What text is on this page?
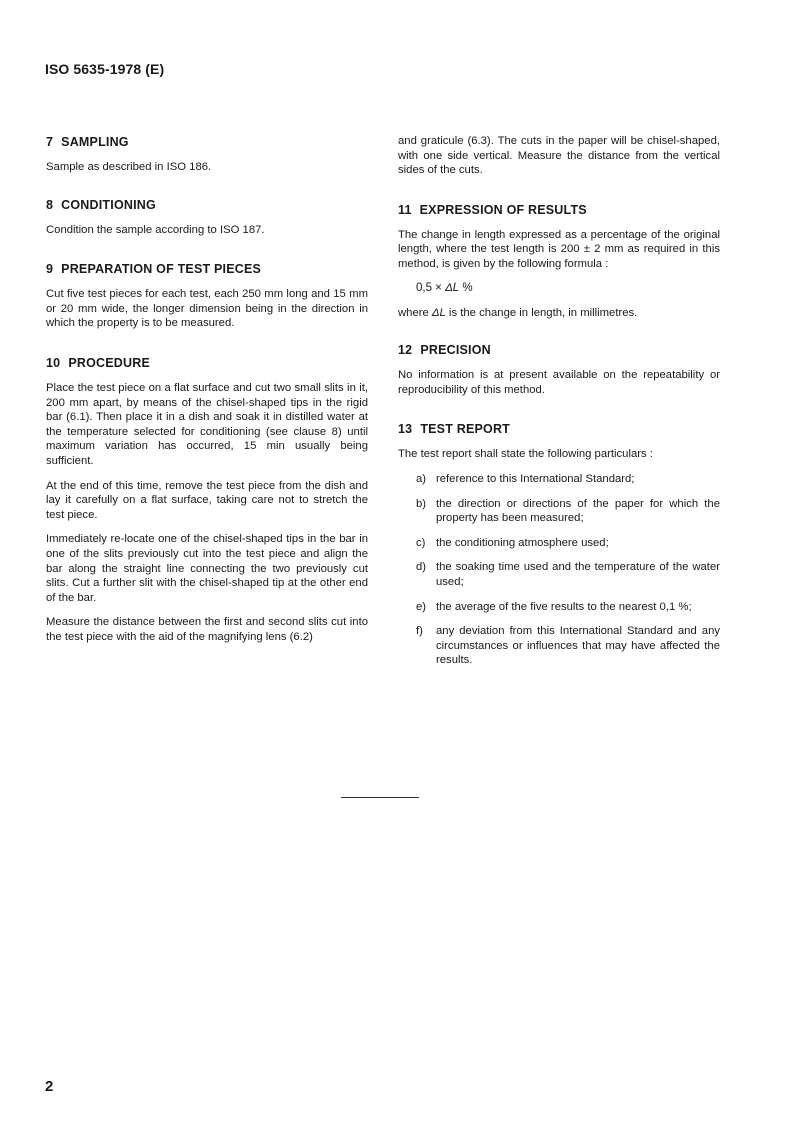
ISO 5635-1978 (E)
7 SAMPLING

Sample as described in ISO 186.

8 CONDITIONING

Condition the sample according to ISO 187.

9 PREPARATION OF TEST PIECES

Cut five test pieces for each test, each 250 mm long and 15 mm or 20 mm wide, the longer dimension being in the direction in which the property is to be measured.

10 PROCEDURE

Place the test piece on a flat surface and cut two small slits in it, 200 mm apart, by means of the chisel-shaped tips in the rigid bar (6.1). Then place it in a dish and soak it in distilled water at the temperature selected for conditioning (see clause 8) until maximum variation has occurred, 15 min usually being sufficient.

At the end of this time, remove the test piece from the dish and lay it carefully on a flat surface, taking care not to stretch the test piece.

Immediately re-locate one of the chisel-shaped tips in the bar in one of the slits previously cut into the test piece and align the bar along the straight line connecting the two previously cut slits. Cut a further slit with the chisel-shaped tip at the other end of the bar.

Measure the distance between the first and second slits cut into the test piece with the aid of the magnifying lens (6.2)

and graticule (6.3). The cuts in the paper will be chisel-shaped, with one side vertical. Measure the distance from the vertical sides of the cuts.

11 EXPRESSION OF RESULTS

The change in length expressed as a percentage of the original length, where the test length is 200 ± 2 mm as required in this method, is given by the following formula :

0,5 × ΔL %

where ΔL is the change in length, in millimetres.

12 PRECISION

No information is at present available on the repeatability or reproducibility of this method.

13 TEST REPORT

The test report shall state the following particulars :

a) reference to this International Standard;
b) the direction or directions of the paper for which the property has been measured;
c) the conditioning atmosphere used;
d) the soaking time used and the temperature of the water used;
e) the average of the five results to the nearest 0,1 %;
f)	any deviation from this International Standard and any circumstances or influences that may have affected the results.
2
